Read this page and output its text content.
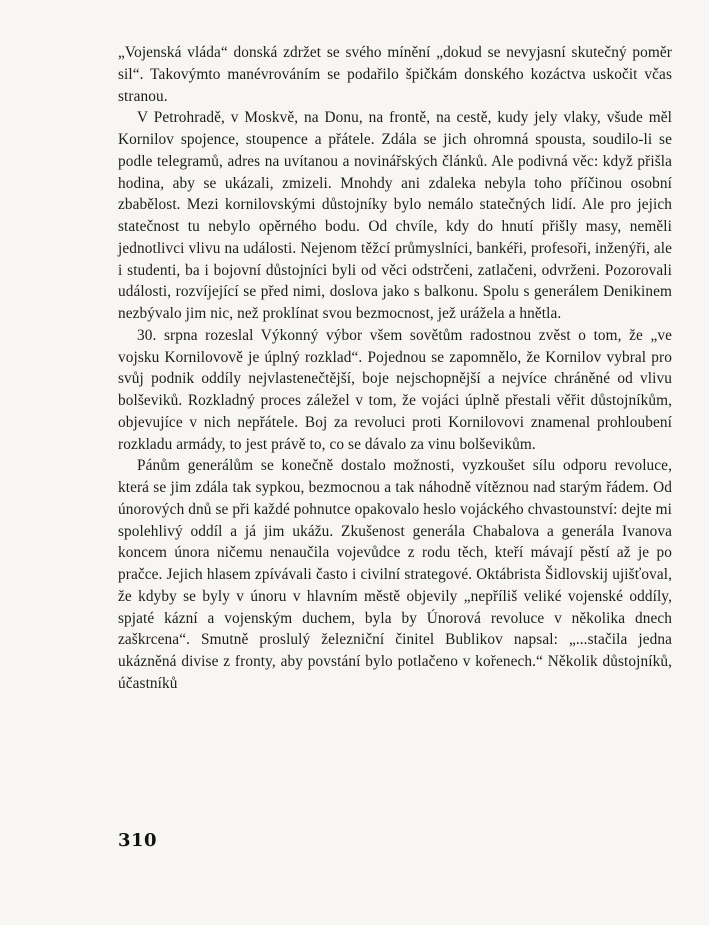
„Vojenská vláda“ donská zdržet se svého mínění „dokud se nevyjasní skutečný poměr sil“. Takovýmto manévrováním se podařilo špičkám donského kozáctva uskočit včas stranou.

V Petrohradě, v Moskvě, na Donu, na frontě, na cestě, kudy jely vlaky, všude měl Kornilov spojence, stoupence a přátele. Zdála se jich ohromná spousta, soudilo-li se podle telegramů, adres na uvítanou a novinářských článků. Ale podivná věc: když přišla hodina, aby se ukázali, zmizeli. Mnohdy ani zdaleka nebyla toho příčinou osobní zbabělost. Mezi kornilovskými důstojníky bylo nemálo statečných lidí. Ale pro jejich statečnost tu nebylo opěrného bodu. Od chvíle, kdy do hnutí přišly masy, neměli jednotlivci vlivu na události. Nejenom těžcí průmyslníci, bankéři, profesoři, inženýři, ale i studenti, ba i bojovní důstojníci byli od věci odstrčeni, zatlačeni, odvrženi. Pozorovali události, rozvíjející se před nimi, doslova jako s balkonu. Spolu s generálem Denikinem nezbývalo jim nic, než proklínat svou bezmocnost, jež urážela a hnětla.

30. srpna rozeslal Výkonný výbor všem sovětům radostnou zvěst o tom, že „ve vojsku Kornilovově je úplný rozklad“. Pojednou se zapomnělo, že Kornilov vybral pro svůj podnik oddíly nejvlastenečtější, boje nejschopnější a nejvíce chráněné od vlivu bolševiků. Rozkladný proces záležel v tom, že vojáci úplně přestali věřit důstojníkům, objevujíce v nich nepřátele. Boj za revoluci proti Kornilovovi znamenal prohloubení rozkladu armády, to jest právě to, co se dávalo za vinu bolševikům.

Pánům generálům se konečně dostalo možnosti, vyzkoušet sílu odporu revoluce, která se jim zdála tak sypkou, bezmocnou a tak náhodně vítěznou nad starým řádem. Od únorových dnů se při každé pohnutce opakovalo heslo vojáckého chvastounství: dejte mi spolehlivý oddíl a já jim ukážu. Zkušenost generála Chabalova a generála Ivanova koncem února ničemu nenaučila vojevůdce z rodu těch, kteří mávají pěstí až je po pračce. Jejich hlasem zpívávali často i civilní strategové. Oktábrista Šidlovskij ujišťoval, že kdyby se byly v únoru v hlavním městě objevily „nepříliš veliké vojenské oddíly, spjaté kázní a vojenským duchem, byla by Únorová revoluce v několika dnech zaškrcena“. Smutně proslulý železniční činitel Bublikov napsal: „...stačila jedna ukázněná divise z fronty, aby povstání bylo potlačeno v kořenech.“ Několik důstojníků, účastníků

310
